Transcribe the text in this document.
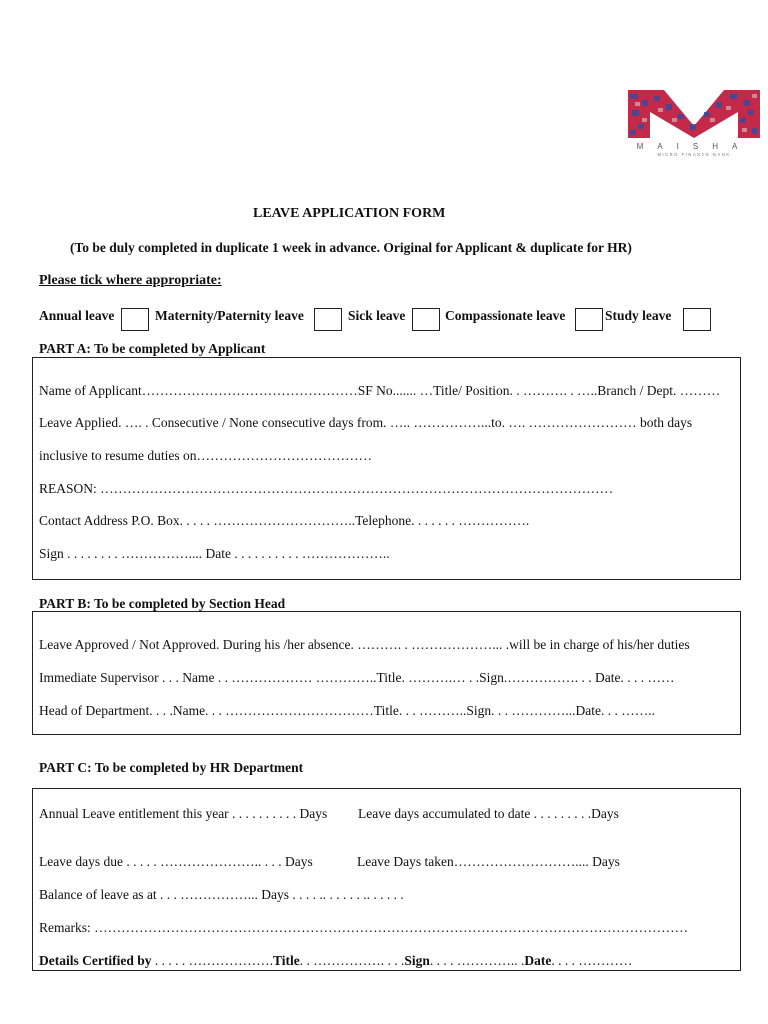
MAISHA
MICRO FINANCE BANK
LEAVE APPLICATION FORM
(To be duly completed in duplicate 1 week in advance. Original for Applicant & duplicate for HR)
Please tick where appropriate:
Annual leave	Maternity/Paternity leave	Sick leave	Compassionate leave	Study leave
PART A: To be completed by Applicant
Name of Applicant…………………………………………SF No....... …Title/ Position. . ………. . …..Branch / Dept. ………
Leave Applied. …. . Consecutive / None consecutive days from. ….. ……………...to. …. …………………… both days
inclusive to resume duties on…………………………………
REASON: ……………………………………………………………………………………………………
Contact Address P.O. Box. . . . . …………………………..Telephone. . . . . . . …………….
Sign . . . . . . . . …………….... Date . . . . . . . . . . ………………..
PART B: To be completed by Section Head
Leave Approved / Not Approved. During his /her absence. ………. . ………………... .will be in charge of his/her duties
Immediate Supervisor . . . Name . . ……………… …………..Title. ……….… . .Sign.……………. . . Date. . . . ……
Head of Department. . . .Name. . . ……………………………Title. . . ………..Sign. . . …………...Date. . . ……..
PART C: To be completed by HR Department
Annual Leave entitlement this year . . . . . . . . . . Days Leave days accumulated to date . . . . . . . . .Days
Leave days due . . . . . ………………….. . . . Days	Leave Days taken……………………….... Days
Balance of leave as at . . . ……………... Days . . . . .. . . . . . .. . . . . .
Remarks: ……………………………………………………………………………………………………………………
Details Certified by . . . . . ……………….Title. . ……………. . . .Sign. . . . ………….. .Date. . . . …………
